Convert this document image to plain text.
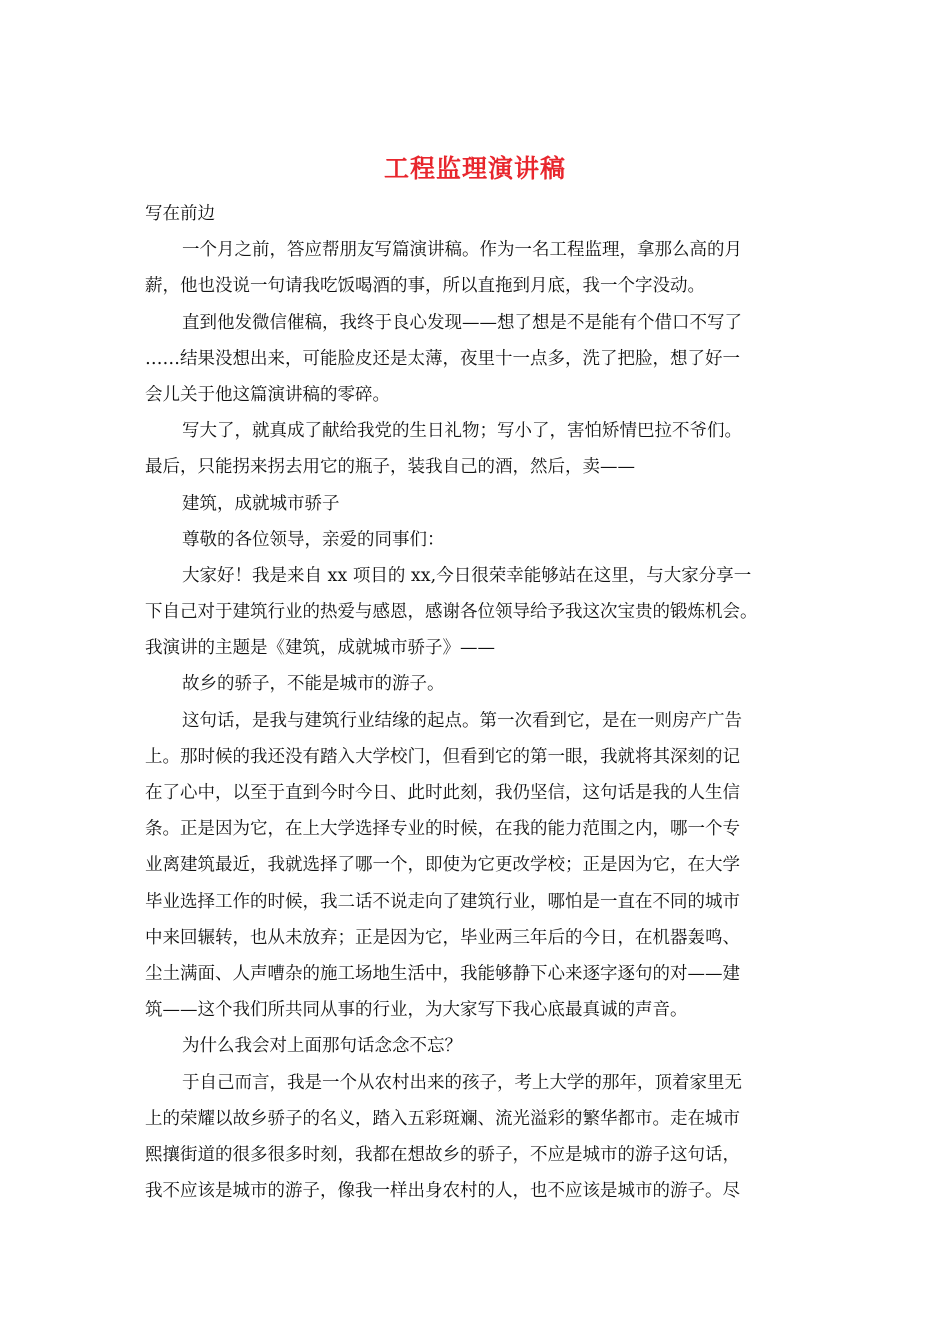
工程监理演讲稿
写在前边
一个月之前，答应帮朋友写篇演讲稿。作为一名工程监理，拿那么高的月
薪，他也没说一句请我吃饭喝酒的事，所以直拖到月底，我一个字没动。
直到他发微信催稿，我终于良心发现——想了想是不是能有个借口不写了
……结果没想出来，可能脸皮还是太薄，夜里十一点多，洗了把脸，想了好一
会儿关于他这篇演讲稿的零碎。
写大了，就真成了献给我党的生日礼物；写小了，害怕矫情巴拉不爷们。
最后，只能拐来拐去用它的瓶子，装我自己的酒，然后，卖——
建筑，成就城市骄子
尊敬的各位领导，亲爱的同事们：
大家好！我是来自 xx 项目的 xx,今日很荣幸能够站在这里，与大家分享一
下自己对于建筑行业的热爱与感恩，感谢各位领导给予我这次宝贵的锻炼机会。
我演讲的主题是《建筑，成就城市骄子》——
故乡的骄子，不能是城市的游子。
这句话，是我与建筑行业结缘的起点。第一次看到它，是在一则房产广告
上。那时候的我还没有踏入大学校门，但看到它的第一眼，我就将其深刻的记
在了心中，以至于直到今时今日、此时此刻，我仍坚信，这句话是我的人生信
条。正是因为它，在上大学选择专业的时候，在我的能力范围之内，哪一个专
业离建筑最近，我就选择了哪一个，即使为它更改学校；正是因为它，在大学
毕业选择工作的时候，我二话不说走向了建筑行业，哪怕是一直在不同的城市
中来回辗转，也从未放弃；正是因为它，毕业两三年后的今日，在机器轰鸣、
尘土满面、人声嘈杂的施工场地生活中，我能够静下心来逐字逐句的对——建
筑——这个我们所共同从事的行业，为大家写下我心底最真诚的声音。
为什么我会对上面那句话念念不忘？
于自己而言，我是一个从农村出来的孩子，考上大学的那年，顶着家里无
上的荣耀以故乡骄子的名义，踏入五彩斑斓、流光溢彩的繁华都市。走在城市
熙攘街道的很多很多时刻，我都在想故乡的骄子，不应是城市的游子这句话，
我不应该是城市的游子，像我一样出身农村的人，也不应该是城市的游子。尽
